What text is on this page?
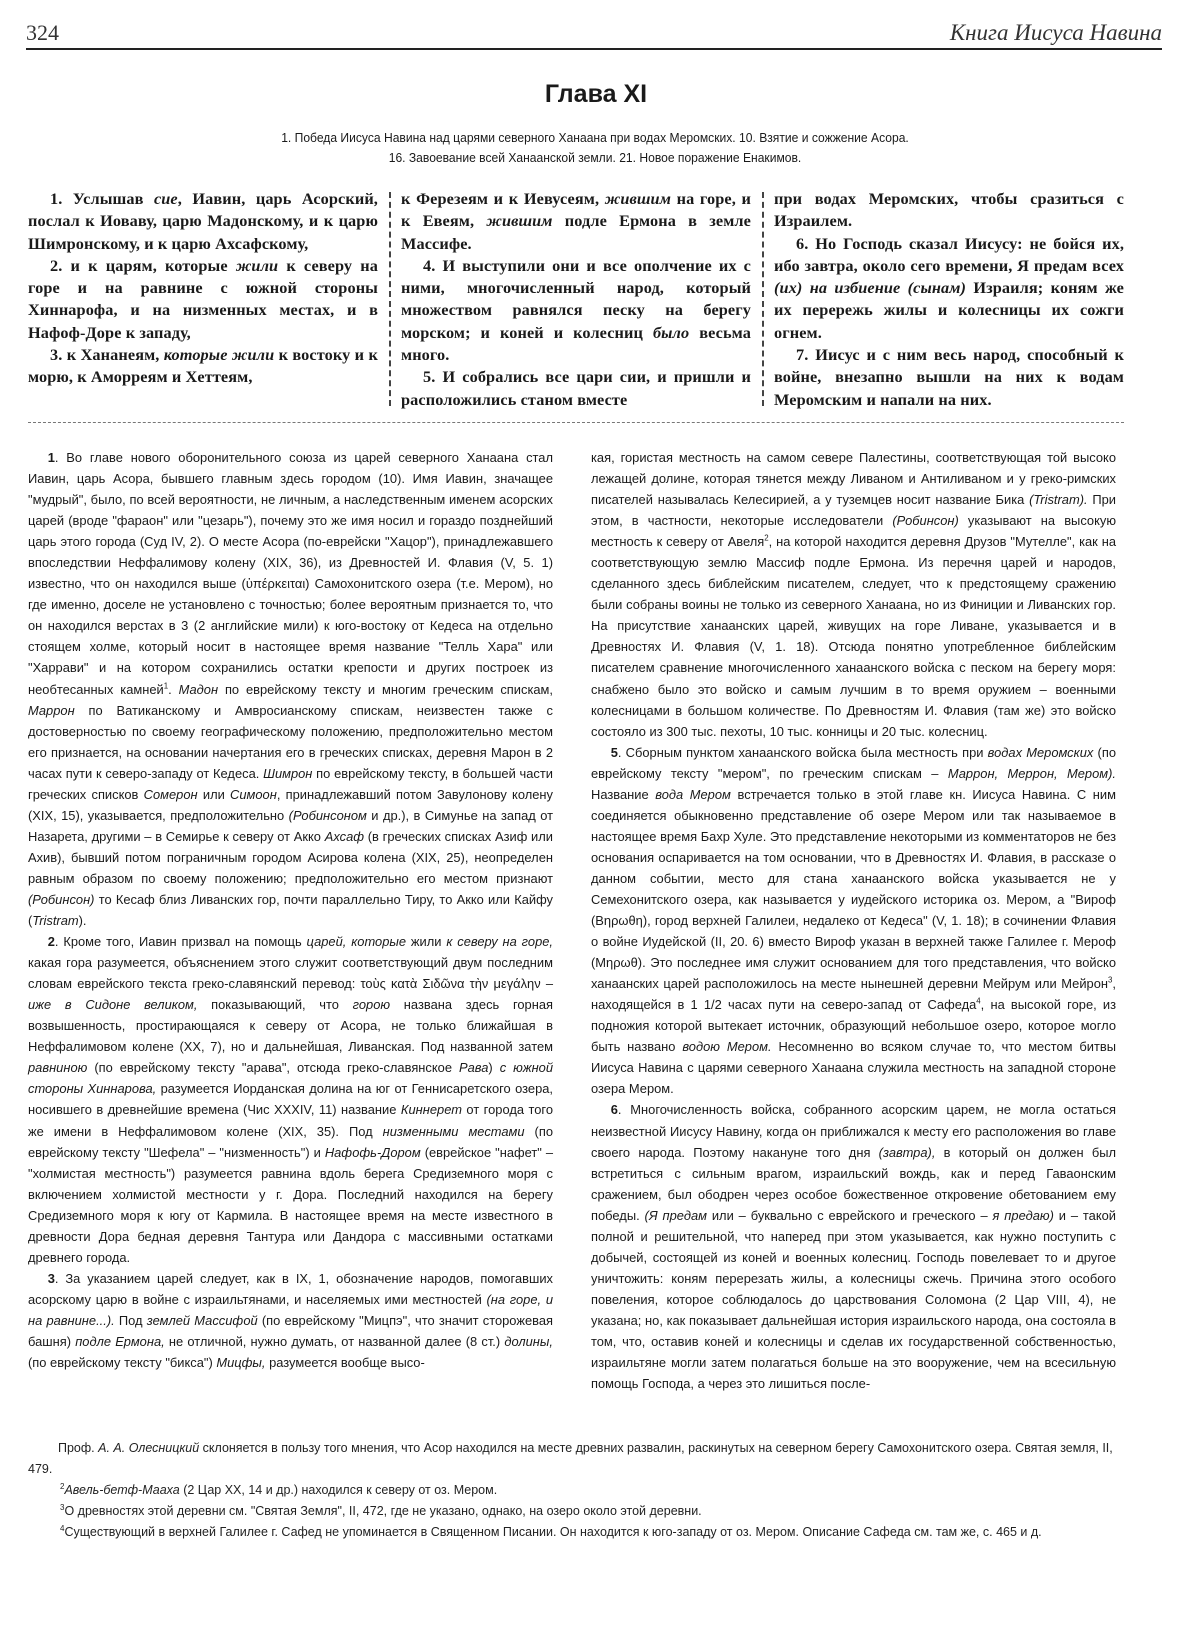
324	Книга Иисуса Навина
Глава XI
1. Победа Иисуса Навина над царями северного Ханаана при водах Меромских. 10. Взятие и сожжение Асора.
16. Завоевание всей Ханаанской земли. 21. Новое поражение Енакимов.

1. Услышав сие, Иавин, царь Асорский, послал к Иоваву, царю Мадонскому, и к царю Шимронскому, и к царю Ахсафскому,

2. и к царям, которые жили к северу на горе и на равнине с южной стороны Хиннарофа, и на низменных местах, и в Нафоф-Доре к западу,

3. к Хананеям, которые жили к востоку и к морю, к Аморреям и Хеттеям,

к Ферезеям и к Иевусеям, жившим на горе, и к Евеям, жившим подле Ермона в земле Массифе.

4. И выступили они и все ополчение их с ними, многочисленный народ, который множеством равнялся песку на берегу морском; и коней и колесниц было весьма много.

5. И собрались все цари сии, и пришли и расположились станом вместе

при водах Меромских, чтобы сразиться с Израилем.

6. Но Господь сказал Иисусу: не бойся их, ибо завтра, около сего времени, Я предам всех (их) на избиение (сынам) Израиля; коням же их перережь жилы и колесницы их сожги огнем.

7. Иисус и с ним весь народ, способный к войне, внезапно вышли на них к водам Меромским и напали на них.

1. Во главе нового оборонительного союза из царей северного Ханаана стал Иавин, царь Асора, бывшего главным здесь городом (10). Имя Иавин, значащее "мудрый", было, по всей вероятности, не личным, а наследственным именем асорских царей (вроде "фараон" или "цезарь"), почему это же имя носил и гораздо позднейший царь этого города (Суд IV, 2). О месте Асора (по-еврейски "Хацор"), принадлежавшего впоследствии Неффалимову колену (XIX, 36), из Древностей И. Флавия (V, 5. 1) известно, что он находился выше (ὑπέρκειται) Самохонитского озера (т.е. Мером), но где именно, доселе не установлено с точностью; более вероятным признается то, что он находился верстах в 3 (2 английские мили) к юго-востоку от Кедеса на отдельно стоящем холме, который носит в настоящее время название "Телль Хара" или "Харрави" и на котором сохранились остатки крепости и других построек из необтесанных камней$^1$. Мадон по еврейскому тексту и многим греческим спискам, Маррон по Ватиканскому и Амвросианскому спискам, неизвестен также с достоверностью по своему географическому положению, предположительно местом его признается, на основании начертания его в греческих списках, деревня Марон в 2 часах пути к северо-западу от Кедеса. Шимрон по еврейскому тексту, в большей части греческих списков Сомерон или Симоон, принадлежавший потом Завулонову колену (XIX, 15), указывается, предположительно (Робинсоном и др.), в Симунье на запад от Назарета, другими – в Семирье к северу от Акко Ахсаф (в греческих списках Азиф или Ахив), бывший потом пограничным городом Асирова колена (XIX, 25), неопределен равным образом по своему положению; предположительно его местом признают (Робинсон) то Кесаф близ Ливанских гор, почти параллельно Тиру, то Акко или Кайфу (Tristram).

2. Кроме того, Иавин призвал на помощь царей, которые жили к северу на горе, какая гора разумеется, объяснением этого служит соответствующий двум последним словам еврейского текста греко-славянский перевод: τοὺς κατὰ Σιδῶνα τὴν μεγάλην – иже в Сидоне великом, показывающий, что горою названа здесь горная возвышенность, простирающаяся к северу от Асора, не только ближайшая в Неффалимовом колене (XX, 7), но и дальнейшая, Ливанская. Под названной затем равниною (по еврейскому тексту "арава", отсюда греко-славянское Рава) с южной стороны Хиннарова, разумеется Иорданская долина на юг от Геннисаретского озера, носившего в древнейшие времена (Чис XXXIV, 11) название Киннерет от города того же имени в Неффалимовом колене (XIX, 35). Под низменными местами (по еврейскому тексту "Шефела" – "низменность") и Нафофь-Дором (еврейское "нафет" – "холмистая местность") разумеется равнина вдоль берега Средиземного моря с включением холмистой местности у г. Дора. Последний находился на берегу Средиземного моря к югу от Кармила. В настоящее время на месте известного в древности Дора бедная деревня Тантура или Дандора с массивными остатками древнего города.

3. За указанием царей следует, как в IX, 1, обозначение народов, помогавших асорскому царю в войне с израильтянами, и населяемых ими местностей (на горе, и на равнине...). Под землей Массифой (по еврейскому "Мицпэ", что значит сторожевая башня) подле Ермона, не отличной, нужно думать, от названной далее (8 ст.) долины, (по еврейскому тексту "бикса") Мицфы, разумеется вообще высо-

кая, гористая местность на самом севере Палестины, соответствующая той высоко лежащей долине, которая тянется между Ливаном и Антиливаном и у греко-римских писателей называлась Келесирией, а у туземцев носит название Бика (Tristram). При этом, в частности, некоторые исследователи (Робинсон) указывают на высокую местность к северу от Авеля$^2$, на которой находится деревня Друзов "Мутелле", как на соответствующую землю Массиф подле Ермона. Из перечня царей и народов, сделанного здесь библейским писателем, следует, что к предстоящему сражению были собраны воины не только из северного Ханаана, но из Финиции и Ливанских гор. На присутствие ханаанских царей, живущих на горе Ливане, указывается и в Древностях И. Флавия (V, 1. 18). Отсюда понятно употребленное библейским писателем сравнение многочисленного ханаанского войска с песком на берегу моря: снабжено было это войско и самым лучшим в то время оружием – военными колесницами в большом количестве. По Древностям И. Флавия (там же) это войско состояло из 300 тыс. пехоты, 10 тыс. конницы и 20 тыс. колесниц.

5. Сборным пунктом ханаанского войска была местность при водах Меромских (по еврейскому тексту "мером", по греческим спискам – Маррон, Меррон, Мером). Название вода Мером встречается только в этой главе кн. Иисуса Навина. С ним соединяется обыкновенно представление об озере Мером или так называемое в настоящее время Бахр Хуле. Это представление некоторыми из комментаторов не без основания оспаривается на том основании, что в Древностях И. Флавия, в рассказе о данном событии, место для стана ханаанского войска указывается не у Семехонитского озера, как называется у иудейского историка оз. Мером, а "Вироф (Βηρωθη), город верхней Галилеи, недалеко от Кедеса" (V, 1. 18); в сочинении Флавия о войне Иудейской (II, 20. 6) вместо Вироф указан в верхней также Галилее г. Мероф (Μηρωθ). Это последнее имя служит основанием для того представления, что войско ханаанских царей расположилось на месте нынешней деревни Мейрум или Мейрон$^3$, находящейся в 1 1/2 часах пути на северо-запад от Сафеда$^4$, на высокой горе, из подножия которой вытекает источник, образующий небольшое озеро, которое могло быть названо водою Мером. Несомненно во всяком случае то, что местом битвы Иисуса Навина с царями северного Ханаана служила местность на западной стороне озера Мером.

6. Многочисленность войска, собранного асорским царем, не могла остаться неизвестной Иисусу Навину, когда он приближался к месту его расположения во главе своего народа. Поэтому накануне того дня (завтра), в который он должен был встретиться с сильным врагом, израильский вождь, как и перед Гаваонским сражением, был ободрен через особое божественное откровение обетованием ему победы. (Я предам или – буквально с еврейского и греческого – я предаю) и – такой полной и решительной, что наперед при этом указывается, как нужно поступить с добычей, состоящей из коней и военных колесниц. Господь повелевает то и другое уничтожить: коням перерезать жилы, а колесницы сжечь. Причина этого особого повеления, которое соблюдалось до царствования Соломона (2 Цар VIII, 4), не указана; но, как показывает дальнейшая история израильского народа, она состояла в том, что, оставив коней и колесницы и сделав их государственной собственностью, израильтяне могли затем полагаться больше на это вооружение, чем на всесильную помощь Господа, а через это лишиться после-

Проф. А. А. Олесницкий склоняется в пользу того мнения, что Асор находился на месте древних развалин, раскинутых на северном берегу Самохонитского озера. Святая земля, II, 479.

$^2$Авель-бетф-Мааха (2 Цар XX, 14 и др.) находился к северу от оз. Мером.

$^3$О древностях этой деревни см. "Святая Земля", II, 472, где не указано, однако, на озеро около этой деревни.

$^4$Существующий в верхней Галилее г. Сафед не упоминается в Священном Писании. Он находится к юго-западу от оз. Мером. Описание Сафеда см. там же, с. 465 и д.
